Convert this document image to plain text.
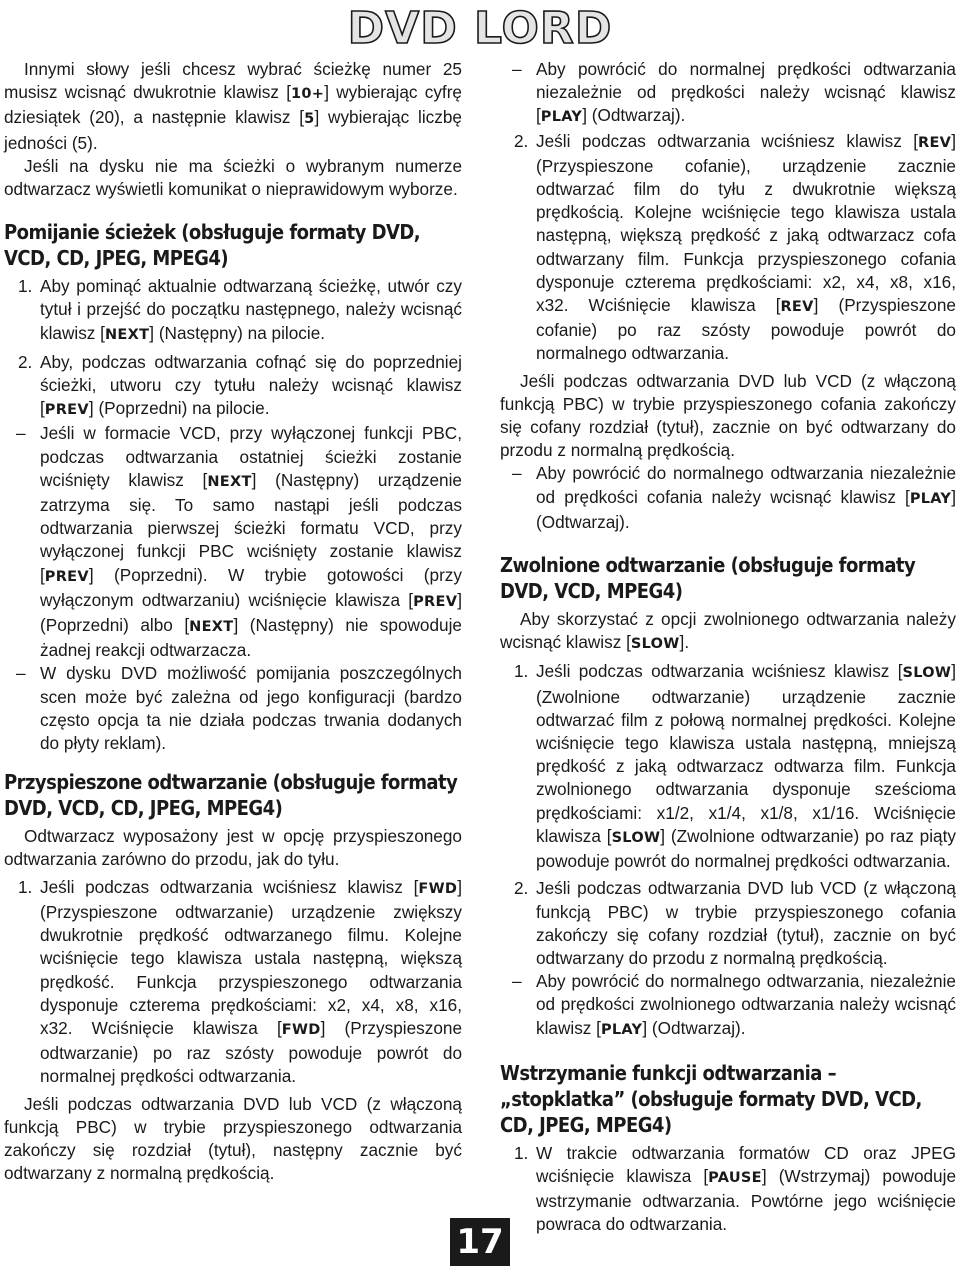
DVD LORD

Innymi słowy jeśli chcesz wybrać ścieżkę numer 25 musisz wcisnąć dwukrotnie klawisz [10+] wybierając cyfrę dziesiątek (20), a następnie klawisz [5] wybierając liczbę jedności (5).

Jeśli na dysku nie ma ścieżki o wybranym numerze odtwarzacz wyświetli komunikat o nieprawidowym wyborze.

Pomijanie ścieżek (obsługuje formaty DVD, VCD, CD, JPEG, MPEG4)
1. Aby pominąć aktualnie odtwarzaną ścieżkę, utwór czy tytuł i przejść do początku następnego, należy wcisnąć klawisz [NEXT] (Następny) na pilocie.
2. Aby, podczas odtwarzania cofnąć się do poprzedniej ścieżki, utworu czy tytułu należy wcisnąć klawisz [PREV] (Poprzedni) na pilocie.
– Jeśli w formacie VCD, przy wyłączonej funkcji PBC, podczas odtwarzania ostatniej ścieżki zostanie wciśnięty klawisz [NEXT] (Następny) urządzenie zatrzyma się. To samo nastąpi jeśli podczas odtwarzania pierwszej ścieżki formatu VCD, przy wyłączonej funkcji PBC wciśnięty zostanie klawisz [PREV] (Poprzedni). W trybie gotowości (przy wyłączonym odtwarzaniu) wciśnięcie klawisza [PREV] (Poprzedni) albo [NEXT] (Następny) nie spowoduje żadnej reakcji odtwarzacza.
– W dysku DVD możliwość pomijania poszczególnych scen może być zależna od jego konfiguracji (bardzo często opcja ta nie działa podczas trwania dodanych do płyty reklam).
Przyspieszone odtwarzanie (obsługuje formaty DVD, VCD, CD, JPEG, MPEG4)

Odtwarzacz wyposażony jest w opcję przyspieszonego odtwarzania zarówno do przodu, jak do tyłu.

1. Jeśli podczas odtwarzania wciśniesz klawisz [FWD] (Przyspieszone odtwarzanie) urządzenie zwiększy dwukrotnie prędkość odtwarzanego filmu. Kolejne wciśnięcie tego klawisza ustala następną, większą prędkość. Funkcja przyspieszonego odtwarzania dysponuje czterema prędkościami: x2, x4, x8, x16, x32. Wciśnięcie klawisza [FWD] (Przyspieszone odtwarzanie) po raz szósty powoduje powrót do normalnej prędkości odtwarzania.

Jeśli podczas odtwarzania DVD lub VCD (z włączoną funkcją PBC) w trybie przyspieszonego odtwarzania zakończy się rozdział (tytuł), następny zacznie być odtwarzany z normalną prędkością.

– Aby powrócić do normalnej prędkości odtwarzania niezależnie od prędkości należy wcisnąć klawisz [PLAY] (Odtwarzaj).
2. Jeśli podczas odtwarzania wciśniesz klawisz [REV] (Przyspieszone cofanie), urządzenie zacznie odtwarzać film do tyłu z dwukrotnie większą prędkością. Kolejne wciśnięcie tego klawisza ustala następną, większą prędkość z jaką odtwarzacz cofa odtwarzany film. Funkcja przyspieszonego cofania dysponuje czterema prędkościami: x2, x4, x8, x16, x32. Wciśnięcie klawisza [REV] (Przyspieszone cofanie) po raz szósty powoduje powrót do normalnego odtwarzania.

Jeśli podczas odtwarzania DVD lub VCD (z włączoną funkcją PBC) w trybie przyspieszonego cofania zakończy się cofany rozdział (tytuł), zacznie on być odtwarzany do przodu z normalną prędkością.

– Aby powrócić do normalnego odtwarzania niezależnie od prędkości cofania należy wcisnąć klawisz [PLAY] (Odtwarzaj).
Zwolnione odtwarzanie (obsługuje formaty DVD, VCD, MPEG4)

Aby skorzystać z opcji zwolnionego odtwarzania należy wcisnąć klawisz [SLOW].

1. Jeśli podczas odtwarzania wciśniesz klawisz [SLOW] (Zwolnione odtwarzanie) urządzenie zacznie odtwarzać film z połową normalnej prędkości. Kolejne wciśnięcie tego klawisza ustala następną, mniejszą prędkość z jaką odtwarzacz odtwarza film. Funkcja zwolnionego odtwarzania dysponuje sześcioma prędkościami: x1/2, x1/4, x1/8, x1/16. Wciśnięcie klawisza [SLOW] (Zwolnione odtwarzanie) po raz piąty powoduje powrót do normalnej prędkości odtwarzania.
2. Jeśli podczas odtwarzania DVD lub VCD (z włączoną funkcją PBC) w trybie przyspieszonego cofania zakończy się cofany rozdział (tytuł), zacznie on być odtwarzany do przodu z normalną prędkością.
– Aby powrócić do normalnego odtwarzania, niezależnie od prędkości zwolnionego odtwarzania należy wcisnąć klawisz [PLAY] (Odtwarzaj).
Wstrzymanie funkcji odtwarzania – „stopklatka” (obsługuje formaty DVD, VCD, CD, JPEG, MPEG4)
1. W trakcie odtwarzania formatów CD oraz JPEG wciśnięcie klawisza [PAUSE] (Wstrzymaj) powoduje wstrzymanie odtwarzania. Powtórne jego wciśnięcie powraca do odtwarzania.
17
